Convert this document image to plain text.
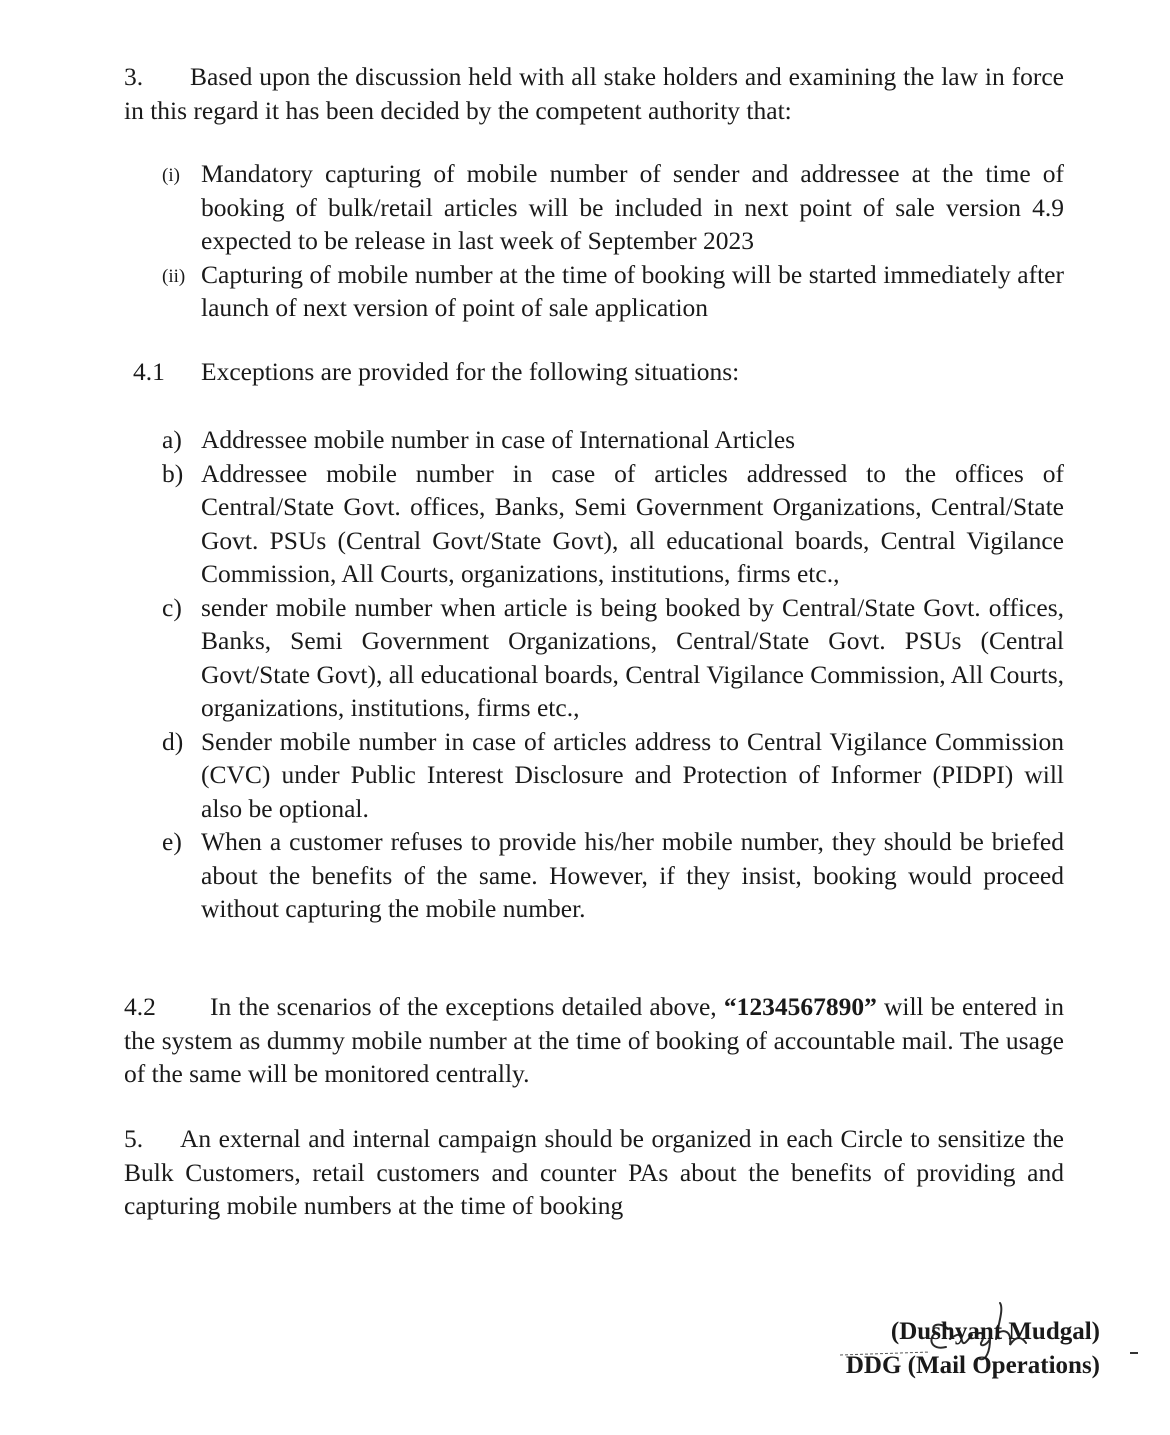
3. Based upon the discussion held with all stake holders and examining the law in force in this regard it has been decided by the competent authority that:
(i) Mandatory capturing of mobile number of sender and addressee at the time of booking of bulk/retail articles will be included in next point of sale version 4.9 expected to be release in last week of September 2023
(ii) Capturing of mobile number at the time of booking will be started immediately after launch of next version of point of sale application
4.1 Exceptions are provided for the following situations:
a) Addressee mobile number in case of International Articles
b) Addressee mobile number in case of articles addressed to the offices of Central/State Govt. offices, Banks, Semi Government Organizations, Central/State Govt. PSUs (Central Govt/State Govt), all educational boards, Central Vigilance Commission, All Courts, organizations, institutions, firms etc.,
c) sender mobile number when article is being booked by Central/State Govt. offices, Banks, Semi Government Organizations, Central/State Govt. PSUs (Central Govt/State Govt), all educational boards, Central Vigilance Commission, All Courts, organizations, institutions, firms etc.,
d) Sender mobile number in case of articles address to Central Vigilance Commission (CVC) under Public Interest Disclosure and Protection of Informer (PIDPI) will also be optional.
e) When a customer refuses to provide his/her mobile number, they should be briefed about the benefits of the same. However, if they insist, booking would proceed without capturing the mobile number.
4.2 In the scenarios of the exceptions detailed above, “1234567890” will be entered in the system as dummy mobile number at the time of booking of accountable mail. The usage of the same will be monitored centrally.
5. An external and internal campaign should be organized in each Circle to sensitize the Bulk Customers, retail customers and counter PAs about the benefits of providing and capturing mobile numbers at the time of booking
(Dushyant Mudgal)
DDG (Mail Operations)
